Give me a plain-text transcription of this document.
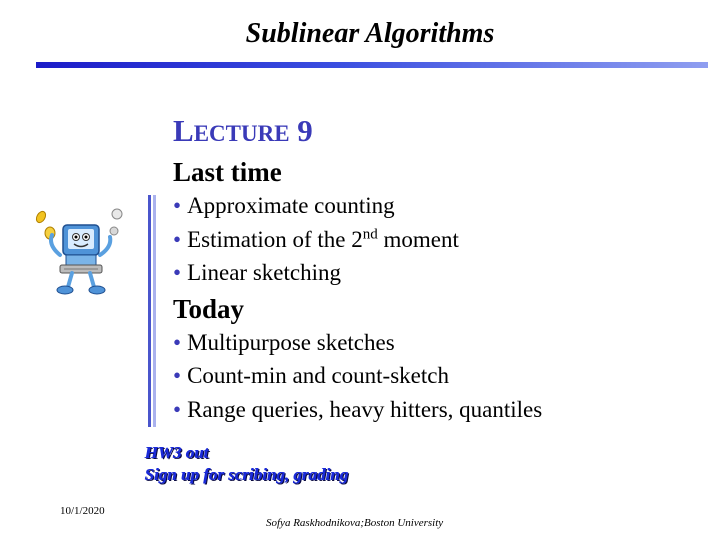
Sublinear Algorithms
LECTURE 9
Last time
• Approximate counting
• Estimation of the 2nd moment
• Linear sketching
Today
• Multipurpose sketches
• Count-min and count-sketch
• Range queries, heavy hitters, quantiles
HW3 out
Sign up for scribing, grading
10/1/2020
Sofya Raskhodnikova;Boston University
